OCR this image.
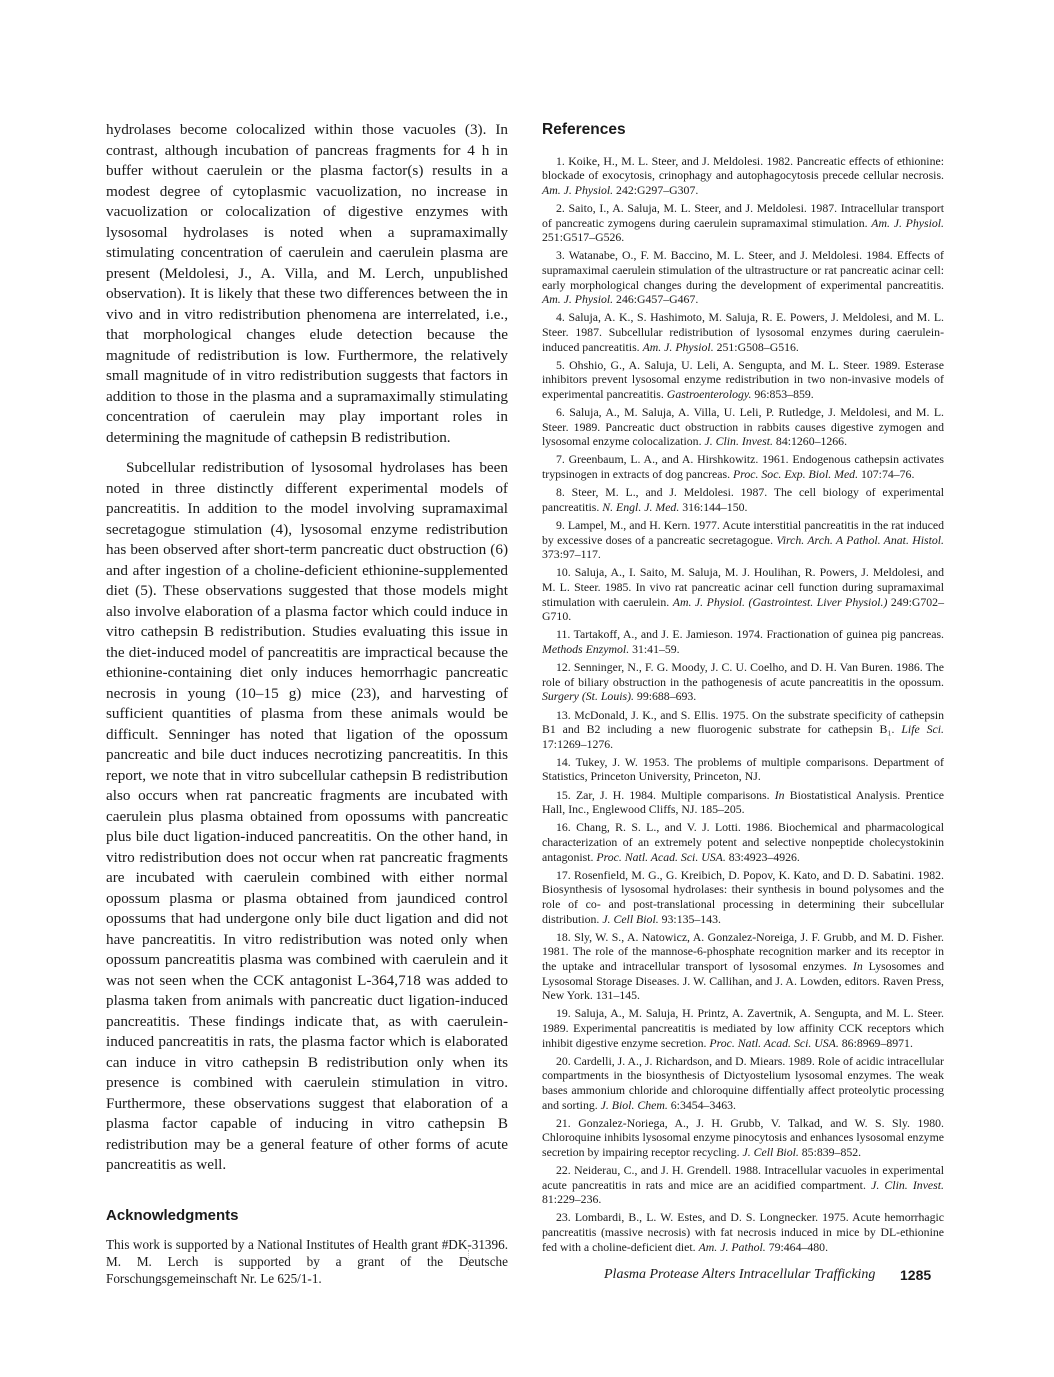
hydrolases become colocalized within those vacuoles (3). In contrast, although incubation of pancreas fragments for 4 h in buffer without caerulein or the plasma factor(s) results in a modest degree of cytoplasmic vacuolization, no increase in vacuolization or colocalization of digestive enzymes with lysosomal hydrolases is noted when a supramaximally stimulating concentration of caerulein and caerulein plasma are present (Meldolesi, J., A. Villa, and M. Lerch, unpublished observation). It is likely that these two differences between the in vivo and in vitro redistribution phenomena are interrelated, i.e., that morphological changes elude detection because the magnitude of redistribution is low. Furthermore, the relatively small magnitude of in vitro redistribution suggests that factors in addition to those in the plasma and a supramaximally stimulating concentration of caerulein may play important roles in determining the magnitude of cathepsin B redistribution.

Subcellular redistribution of lysosomal hydrolases has been noted in three distinctly different experimental models of pancreatitis. In addition to the model involving supramaximal secretagogue stimulation (4), lysosomal enzyme redistribution has been observed after short-term pancreatic duct obstruction (6) and after ingestion of a choline-deficient ethionine-supplemented diet (5). These observations suggested that those models might also involve elaboration of a plasma factor which could induce in vitro cathepsin B redistribution. Studies evaluating this issue in the diet-induced model of pancreatitis are impractical because the ethionine-containing diet only induces hemorrhagic pancreatic necrosis in young (10–15 g) mice (23), and harvesting of sufficient quantities of plasma from these animals would be difficult. Senninger has noted that ligation of the opossum pancreatic and bile duct induces necrotizing pancreatitis. In this report, we note that in vitro subcellular cathepsin B redistribution also occurs when rat pancreatic fragments are incubated with caerulein plus plasma obtained from opossums with pancreatic plus bile duct ligation-induced pancreatitis. On the other hand, in vitro redistribution does not occur when rat pancreatic fragments are incubated with caerulein combined with either normal opossum plasma or plasma obtained from jaundiced control opossums that had undergone only bile duct ligation and did not have pancreatitis. In vitro redistribution was noted only when opossum pancreatitis plasma was combined with caerulein and it was not seen when the CCK antagonist L-364,718 was added to plasma taken from animals with pancreatic duct ligation-induced pancreatitis. These findings indicate that, as with caerulein-induced pancreatitis in rats, the plasma factor which is elaborated can induce in vitro cathepsin B redistribution only when its presence is combined with caerulein stimulation in vitro. Furthermore, these observations suggest that elaboration of a plasma factor capable of inducing in vitro cathepsin B redistribution may be a general feature of other forms of acute pancreatitis as well.

Acknowledgments

This work is supported by a National Institutes of Health grant #DK-31396. M. M. Lerch is supported by a grant of the Deutsche Forschungsgemeinschaft Nr. Le 625/1-1.

References

1. Koike, H., M. L. Steer, and J. Meldolesi. 1982. Pancreatic effects of ethionine: blockade of exocytosis, crinophagy and autophagocytosis precede cellular necrosis. Am. J. Physiol. 242:G297–G307.

2. Saito, I., A. Saluja, M. L. Steer, and J. Meldolesi. 1987. Intracellular transport of pancreatic zymogens during caerulein supramaximal stimulation. Am. J. Physiol. 251:G517–G526.

3. Watanabe, O., F. M. Baccino, M. L. Steer, and J. Meldolesi. 1984. Effects of supramaximal caerulein stimulation of the ultrastructure or rat pancreatic acinar cell: early morphological changes during the development of experimental pancreatitis. Am. J. Physiol. 246:G457–G467.

4. Saluja, A. K., S. Hashimoto, M. Saluja, R. E. Powers, J. Meldolesi, and M. L. Steer. 1987. Subcellular redistribution of lysosomal enzymes during caerulein-induced pancreatitis. Am. J. Physiol. 251:G508–G516.

5. Ohshio, G., A. Saluja, U. Leli, A. Sengupta, and M. L. Steer. 1989. Esterase inhibitors prevent lysosomal enzyme redistribution in two non-invasive models of experimental pancreatitis. Gastroenterology. 96:853–859.

6. Saluja, A., M. Saluja, A. Villa, U. Leli, P. Rutledge, J. Meldolesi, and M. L. Steer. 1989. Pancreatic duct obstruction in rabbits causes digestive zymogen and lysosomal enzyme colocalization. J. Clin. Invest. 84:1260–1266.

7. Greenbaum, L. A., and A. Hirshkowitz. 1961. Endogenous cathepsin activates trypsinogen in extracts of dog pancreas. Proc. Soc. Exp. Biol. Med. 107:74–76.

8. Steer, M. L., and J. Meldolesi. 1987. The cell biology of experimental pancreatitis. N. Engl. J. Med. 316:144–150.

9. Lampel, M., and H. Kern. 1977. Acute interstitial pancreatitis in the rat induced by excessive doses of a pancreatic secretagogue. Virch. Arch. A Pathol. Anat. Histol. 373:97–117.

10. Saluja, A., I. Saito, M. Saluja, M. J. Houlihan, R. Powers, J. Meldolesi, and M. L. Steer. 1985. In vivo rat pancreatic acinar cell function during supramaximal stimulation with caerulein. Am. J. Physiol. (Gastrointest. Liver Physiol.) 249:G702–G710.

11. Tartakoff, A., and J. E. Jamieson. 1974. Fractionation of guinea pig pancreas. Methods Enzymol. 31:41–59.

12. Senninger, N., F. G. Moody, J. C. U. Coelho, and D. H. Van Buren. 1986. The role of biliary obstruction in the pathogenesis of acute pancreatitis in the opossum. Surgery (St. Louis). 99:688–693.

13. McDonald, J. K., and S. Ellis. 1975. On the substrate specificity of cathepsin B1 and B2 including a new fluorogenic substrate for cathepsin B₁. Life Sci. 17:1269–1276.

14. Tukey, J. W. 1953. The problems of multiple comparisons. Department of Statistics, Princeton University, Princeton, NJ.

15. Zar, J. H. 1984. Multiple comparisons. In Biostatistical Analysis. Prentice Hall, Inc., Englewood Cliffs, NJ. 185–205.

16. Chang, R. S. L., and V. J. Lotti. 1986. Biochemical and pharmacological characterization of an extremely potent and selective nonpeptide cholecystokinin antagonist. Proc. Natl. Acad. Sci. USA. 83:4923–4926.

17. Rosenfield, M. G., G. Kreibich, D. Popov, K. Kato, and D. D. Sabatini. 1982. Biosynthesis of lysosomal hydrolases: their synthesis in bound polysomes and the role of co- and post-translational processing in determining their subcellular distribution. J. Cell Biol. 93:135–143.

18. Sly, W. S., A. Natowicz, A. Gonzalez-Noreiga, J. F. Grubb, and M. D. Fisher. 1981. The role of the mannose-6-phosphate recognition marker and its receptor in the uptake and intracellular transport of lysosomal enzymes. In Lysosomes and Lysosomal Storage Diseases. J. W. Callihan, and J. A. Lowden, editors. Raven Press, New York. 131–145.

19. Saluja, A., M. Saluja, H. Printz, A. Zavertnik, A. Sengupta, and M. L. Steer. 1989. Experimental pancreatitis is mediated by low affinity CCK receptors which inhibit digestive enzyme secretion. Proc. Natl. Acad. Sci. USA. 86:8969–8971.

20. Cardelli, J. A., J. Richardson, and D. Miears. 1989. Role of acidic intracellular compartments in the biosynthesis of Dictyostelium lysosomal enzymes. The weak bases ammonium chloride and chloroquine diffentially affect proteolytic processing and sorting. J. Biol. Chem. 6:3454–3463.

21. Gonzalez-Noriega, A., J. H. Grubb, V. Talkad, and W. S. Sly. 1980. Chloroquine inhibits lysosomal enzyme pinocytosis and enhances lysosomal enzyme secretion by impairing receptor recycling. J. Cell Biol. 85:839–852.

22. Neiderau, C., and J. H. Grendell. 1988. Intracellular vacuoles in experimental acute pancreatitis in rats and mice are an acidified compartment. J. Clin. Invest. 81:229–236.

23. Lombardi, B., L. W. Estes, and D. S. Longnecker. 1975. Acute hemorrhagic pancreatitis (massive necrosis) with fat necrosis induced in mice by DL-ethionine fed with a choline-deficient diet. Am. J. Pathol. 79:464–480.

Plasma Protease Alters Intracellular Trafficking 1285
